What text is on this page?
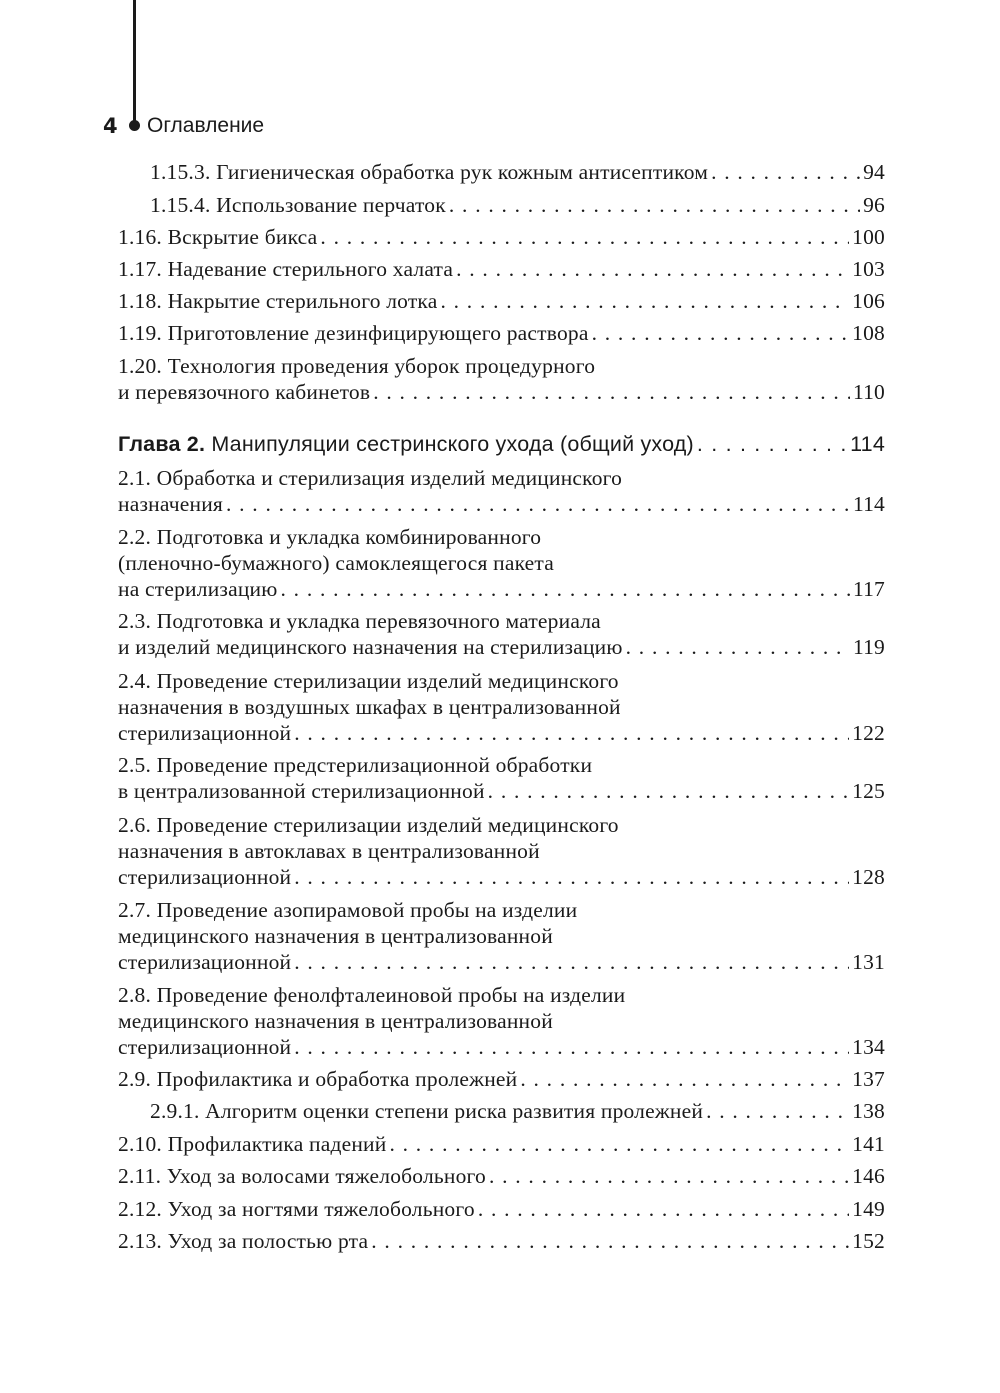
4 Оглавление
1.15.3. Гигиеническая обработка рук кожным антисептиком . . .	94
1.15.4. Использование перчаток . . .	96
1.16. Вскрытие бикса . . .	100
1.17. Надевание стерильного халата . . .	103
1.18. Накрытие стерильного лотка . . .	106
1.19. Приготовление дезинфицирующего раствора . . .	108
1.20. Технология проведения уборок процедурного
и перевязочного кабинетов . . .	110
Глава 2. Манипуляции сестринского ухода (общий уход) . . .	114
2.1. Обработка и стерилизация изделий медицинского
назначения . . .	114
2.2. Подготовка и укладка комбинированного
(пленочно-бумажного) самоклеящегося пакета
на стерилизацию . . .	117
2.3. Подготовка и укладка перевязочного материала
и изделий медицинского назначения на стерилизацию . . .	119
2.4. Проведение стерилизации изделий медицинского
назначения в воздушных шкафах в централизованной
стерилизационной . . .	122
2.5. Проведение предстерилизационной обработки
в централизованной стерилизационной . . .	125
2.6. Проведение стерилизации изделий медицинского
назначения в автоклавах в централизованной
стерилизационной . . .	128
2.7. Проведение азопирамовой пробы на изделии
медицинского назначения в централизованной
стерилизационной . . .	131
2.8. Проведение фенолфталеиновой пробы на изделии
медицинского назначения в централизованной
стерилизационной . . .	134
2.9. Профилактика и обработка пролежней . . .	137
2.9.1. Алгоритм оценки степени риска развития пролежней . . .	138
2.10. Профилактика падений . . .	141
2.11. Уход за волосами тяжелобольного . . .	146
2.12. Уход за ногтями тяжелобольного . . .	149
2.13. Уход за полостью рта . . .	152
